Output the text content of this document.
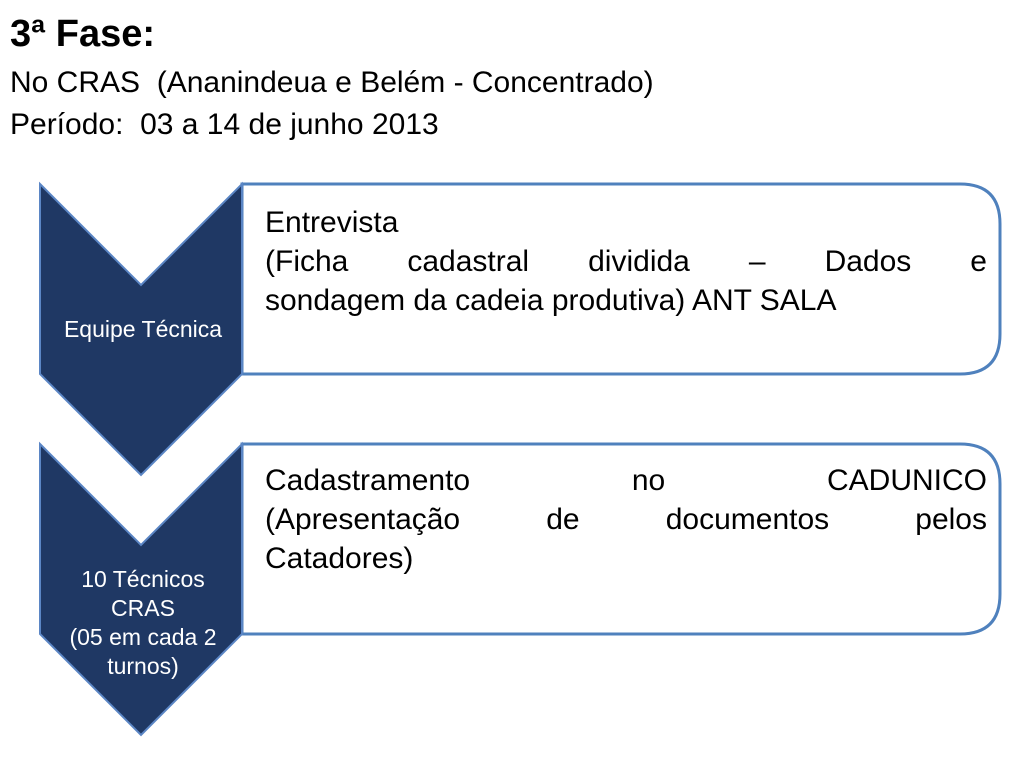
3ª Fase:

No CRAS  (Ananindeua e Belém - Concentrado)

Período:  03 a 14 de junho 2013

Equipe Técnica
10 Técnicos
CRAS
(05 em cada 2
turnos)
Entrevista
(Ficha cadastral dividida – Dados e
sondagem da cadeia produtiva) ANT SALA
Cadastramento no CADUNICO
(Apresentação de documentos pelos
Catadores)
